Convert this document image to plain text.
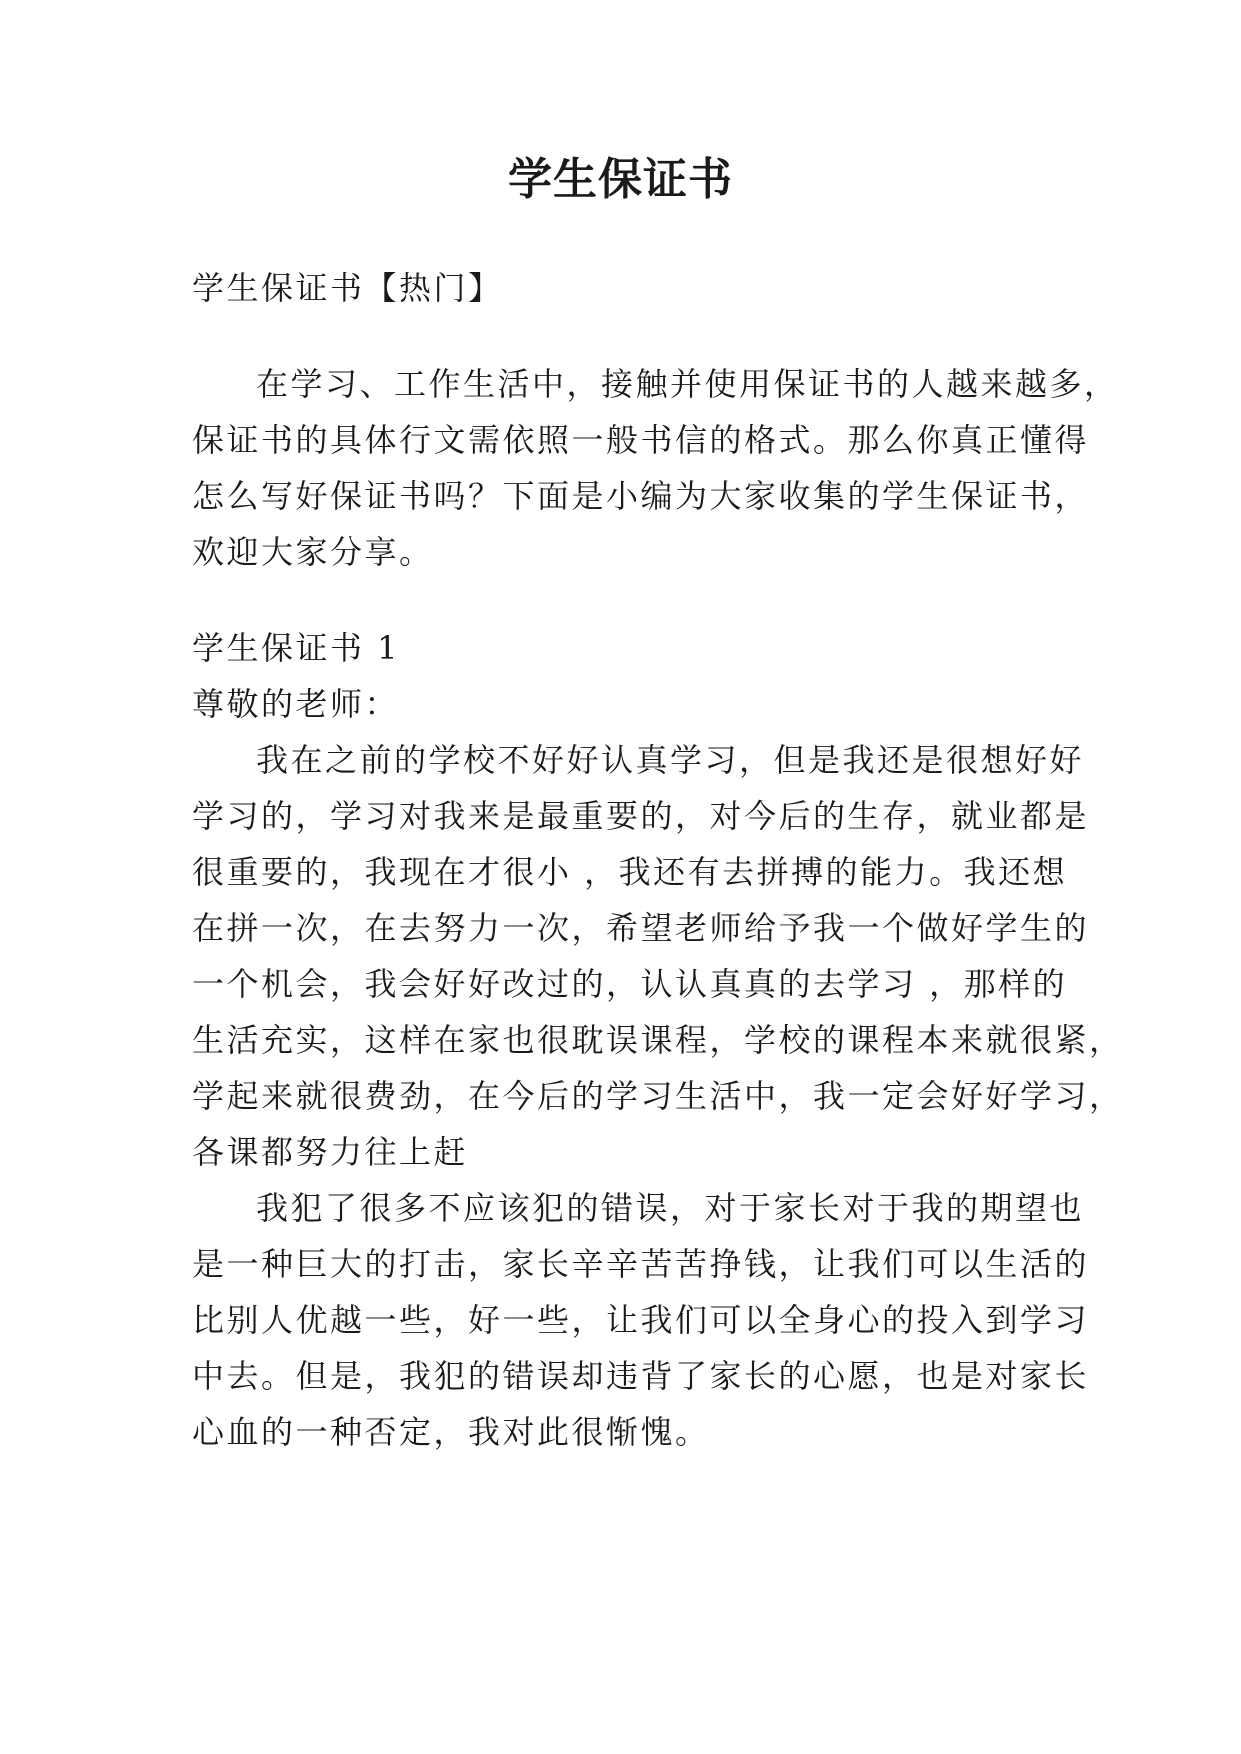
学生保证书

学生保证书【热门】

在学习、工作生活中，接触并使用保证书的人越来越多，

保证书的具体行文需依照一般书信的格式。那么你真正懂得

怎么写好保证书吗？下面是小编为大家收集的学生保证书，

欢迎大家分享。

学生保证书 1

尊敬的老师：

我在之前的学校不好好认真学习，但是我还是很想好好

学习的，学习对我来是最重要的，对今后的生存，就业都是

很重要的，我现在才很小 ，我还有去拼搏的能力。我还想

在拼一次，在去努力一次，希望老师给予我一个做好学生的

一个机会，我会好好改过的，认认真真的去学习 ，那样的

生活充实，这样在家也很耽误课程，学校的课程本来就很紧，

学起来就很费劲，在今后的学习生活中，我一定会好好学习，

各课都努力往上赶

我犯了很多不应该犯的错误，对于家长对于我的期望也

是一种巨大的打击，家长辛辛苦苦挣钱，让我们可以生活的

比别人优越一些，好一些，让我们可以全身心的投入到学习

中去。但是，我犯的错误却违背了家长的心愿，也是对家长

心血的一种否定，我对此很惭愧。
